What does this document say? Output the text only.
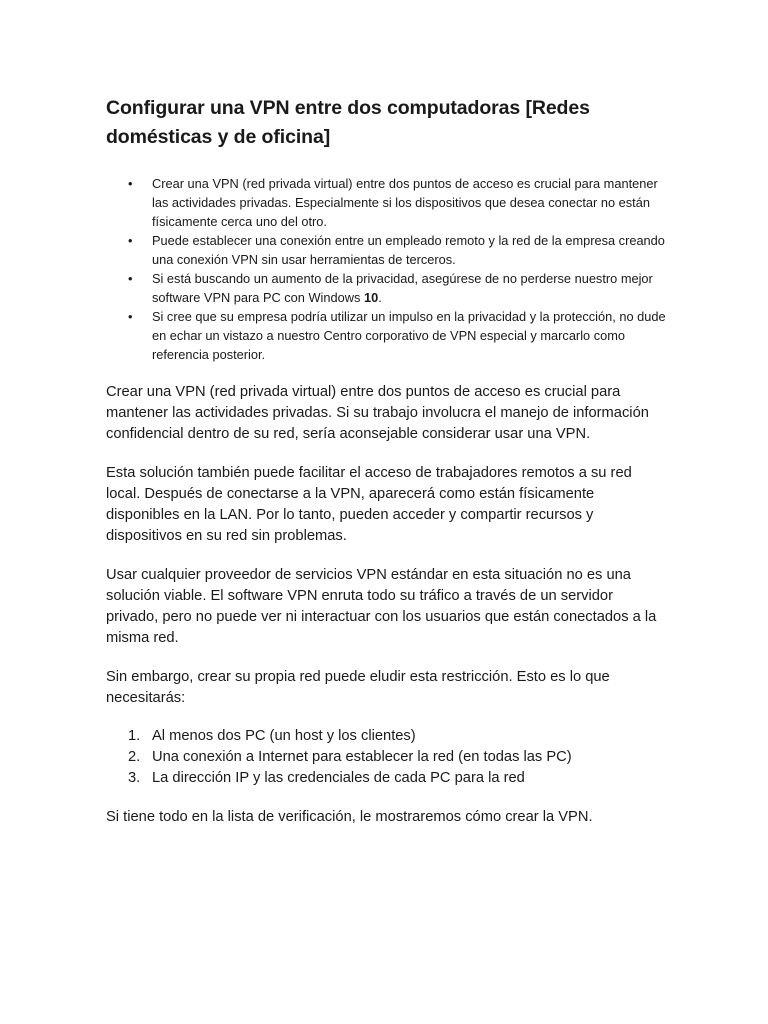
Configurar una VPN entre dos computadoras [Redes domésticas y de oficina]
• Crear una VPN (red privada virtual) entre dos puntos de acceso es crucial para mantener las actividades privadas. Especialmente si los dispositivos que desea conectar no están físicamente cerca uno del otro.
• Puede establecer una conexión entre un empleado remoto y la red de la empresa creando una conexión VPN sin usar herramientas de terceros.
• Si está buscando un aumento de la privacidad, asegúrese de no perderse nuestro mejor software VPN para PC con Windows 10.
• Si cree que su empresa podría utilizar un impulso en la privacidad y la protección, no dude en echar un vistazo a nuestro Centro corporativo de VPN especial y marcarlo como referencia posterior.

Crear una VPN (red privada virtual) entre dos puntos de acceso es crucial para mantener las actividades privadas. Si su trabajo involucra el manejo de información confidencial dentro de su red, sería aconsejable considerar usar una VPN.

Esta solución también puede facilitar el acceso de trabajadores remotos a su red local. Después de conectarse a la VPN, aparecerá como están físicamente disponibles en la LAN. Por lo tanto, pueden acceder y compartir recursos y dispositivos en su red sin problemas.

Usar cualquier proveedor de servicios VPN estándar en esta situación no es una solución viable. El software VPN enruta todo su tráfico a través de un servidor privado, pero no puede ver ni interactuar con los usuarios que están conectados a la misma red.

Sin embargo, crear su propia red puede eludir esta restricción. Esto es lo que necesitarás:

1. Al menos dos PC (un host y los clientes)
2. Una conexión a Internet para establecer la red (en todas las PC)
3. La dirección IP y las credenciales de cada PC para la red

Si tiene todo en la lista de verificación, le mostraremos cómo crear la VPN.
